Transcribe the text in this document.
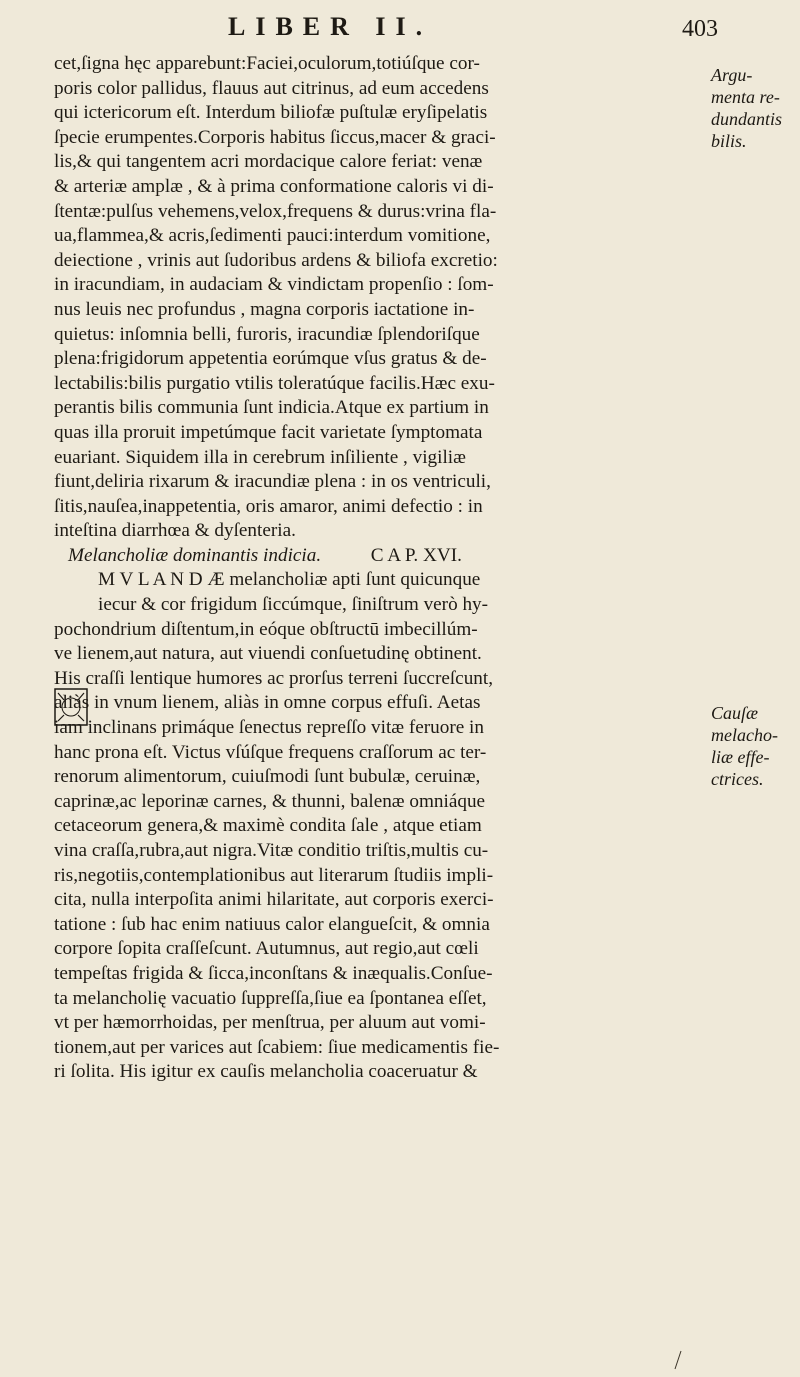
LIBER II.	403
cet,ſigna hęc apparebunt:Faciei,oculorum,totiúſque cor-
poris color pallidus, flauus aut citrinus, ad eum accedens
qui ictericorum eſt. Interdum biliofæ puſtulæ eryſipelatis
ſpecie erumpentes.Corporis habitus ſiccus,macer & graci-
lis,& qui tangentem acri mordacique calore feriat: venæ
& arteriæ amplæ , & à prima conformatione caloris vi di-
ſtentæ:pulſus vehemens,velox,frequens & durus:vrina fla-
ua,flammea,& acris,ſedimenti pauci:interdum vomitione,
deiectione , vrinis aut ſudoribus ardens & biliofa excretio:
in iracundiam, in audaciam & vindictam propenſio : ſom-
nus leuis nec profundus , magna corporis iactatione in-
quietus: inſomnia belli, furoris, iracundiæ ſplendoriſque
plena:frigidorum appetentia eorúmque vſus gratus & de-
lectabilis:bilis purgatio vtilis toleratúque facilis.Hæc exu-
perantis bilis communia ſunt indicia.Atque ex partium in
quas illa proruit impetúmque facit varietate ſymptomata
euariant. Siquidem illa in cerebrum inſiliente , vigiliæ
fiunt,deliria rixarum & iracundiæ plena : in os ventriculi,
ſitis,nauſea,inappetentia, oris amaror, animi defectio : in
inteſtina diarrhœa & dyſenteria.
Melancholiæ dominantis indicia.	C A P. XVI.
M V L A N D Æ melancholiæ apti ſunt quicunque
iecur & cor frigidum ſiccúmque, ſiniſtrum verò hy-
pochondrium diſtentum,in eóque obſtructū imbecillúm-
ve lienem,aut natura, aut viuendi conſuetudinę obtinent.
His craſſi lentique humores ac prorſus terreni ſuccreſcunt,
aliàs in vnum lienem, aliàs in omne corpus effuſi. Aetas
iam inclinans primáque ſenectus repreſſo vitæ feruore in
hanc prona eſt. Victus vſúſque frequens craſſorum ac ter-
renorum alimentorum, cuiuſmodi ſunt bubulæ, ceruinæ,
caprinæ,ac leporinæ carnes, & thunni, balenæ omniáque
cetaceorum genera,& maximè condita ſale , atque etiam
vina craſſa,rubra,aut nigra.Vitæ conditio triſtis,multis cu-
ris,negotiis,contemplationibus aut literarum ſtudiis impli-
cita, nulla interpoſita animi hilaritate, aut corporis exerci-
tatione : ſub hac enim natiuus calor elangueſcit, & omnia
corpore ſopita craſſeſcunt. Autumnus, aut regio,aut cœli
tempeſtas frigida & ſicca,inconſtans & inæqualis.Conſue-
ta melancholię vacuatio ſuppreſſa,ſiue ea ſpontanea eſſet,
vt per hæmorrhoidas, per menſtrua, per aluum aut vomi-
tionem,aut per varices aut ſcabiem: ſiue medicamentis fie-
ri ſolita. His igitur ex cauſis melancholia coaceruatur &
Argu-
menta re-
dundantis
bilis.
Cauſæ
melacho-
liæ effe-
ctrices.
